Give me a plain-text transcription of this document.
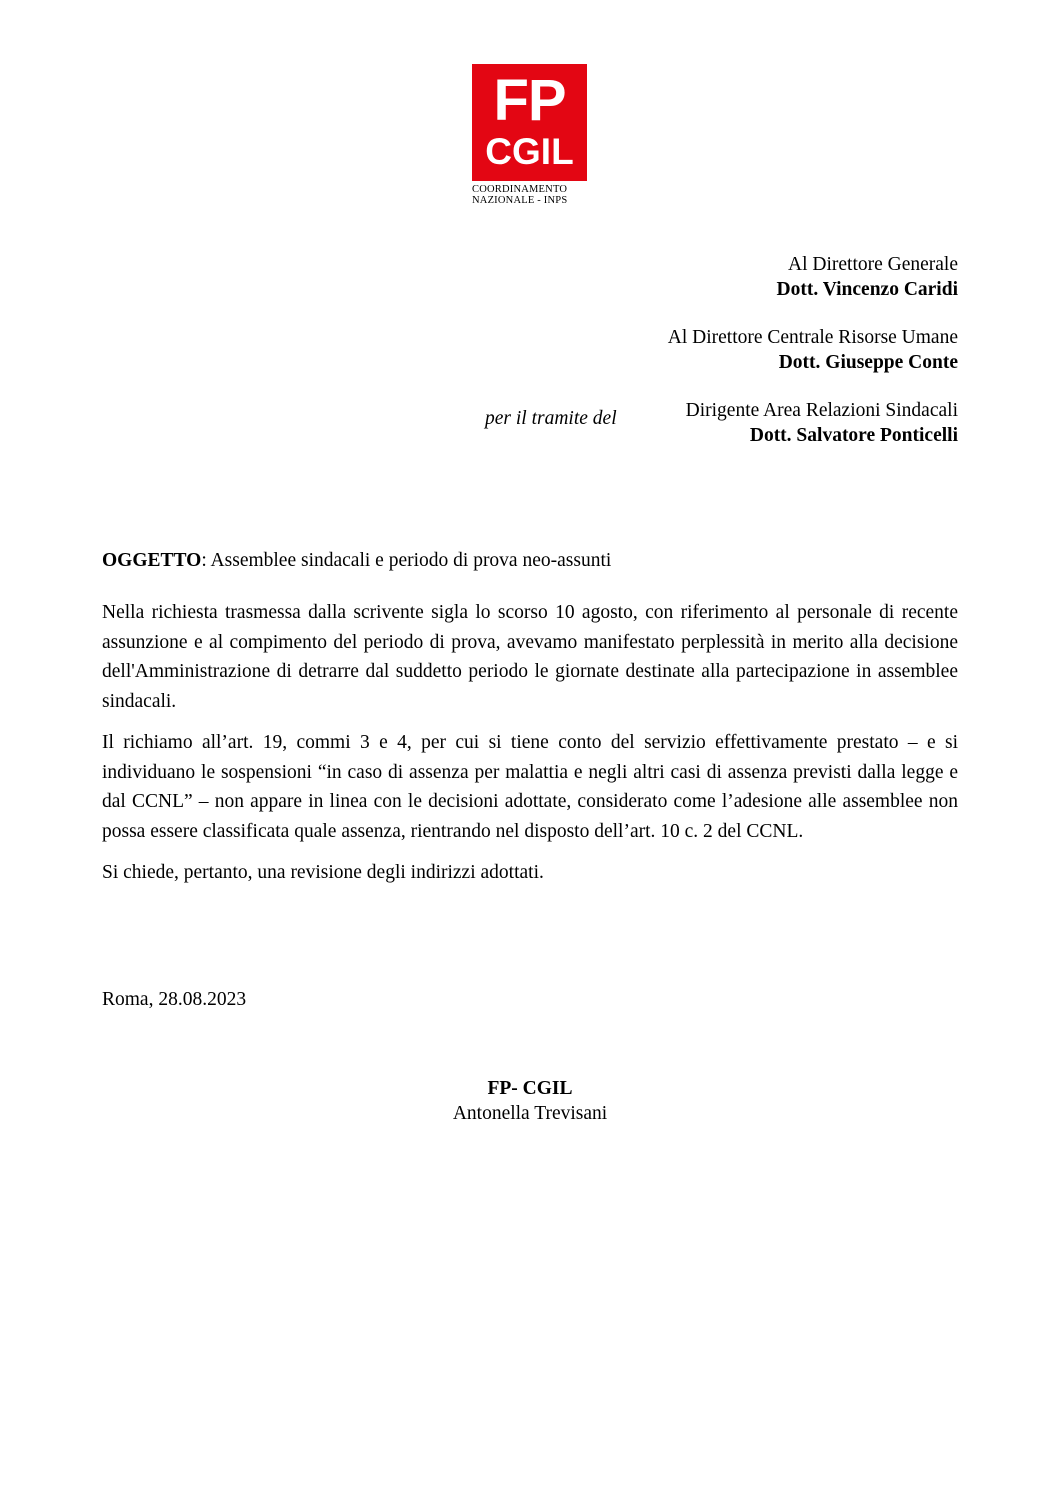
FP
CGIL
COORDINAMENTO
NAZIONALE - INPS
Al Direttore Generale
Dott. Vincenzo Caridi
Al Direttore Centrale Risorse Umane
Dott. Giuseppe Conte
Dirigente Area Relazioni Sindacali
Dott. Salvatore Ponticelli
per il tramite del
OGGETTO: Assemblee sindacali e periodo di prova neo-assunti

Nella richiesta trasmessa dalla scrivente sigla lo scorso 10 agosto, con riferimento al personale di recente assunzione e al compimento del periodo di prova, avevamo manifestato perplessità in merito alla decisione dell'Amministrazione di detrarre dal suddetto periodo le giornate destinate alla partecipazione in assemblee sindacali.

Il richiamo all’art. 19, commi 3 e 4, per cui si tiene conto del servizio effettivamente prestato – e si individuano le sospensioni “in caso di assenza per malattia e negli altri casi di assenza previsti dalla legge e dal CCNL” – non appare in linea con le decisioni adottate, considerato come l’adesione alle assemblee non possa essere classificata quale assenza, rientrando nel disposto dell’art. 10 c. 2 del CCNL.

Si chiede, pertanto, una revisione degli indirizzi adottati.

Roma, 28.08.2023
FP- CGIL
Antonella Trevisani
